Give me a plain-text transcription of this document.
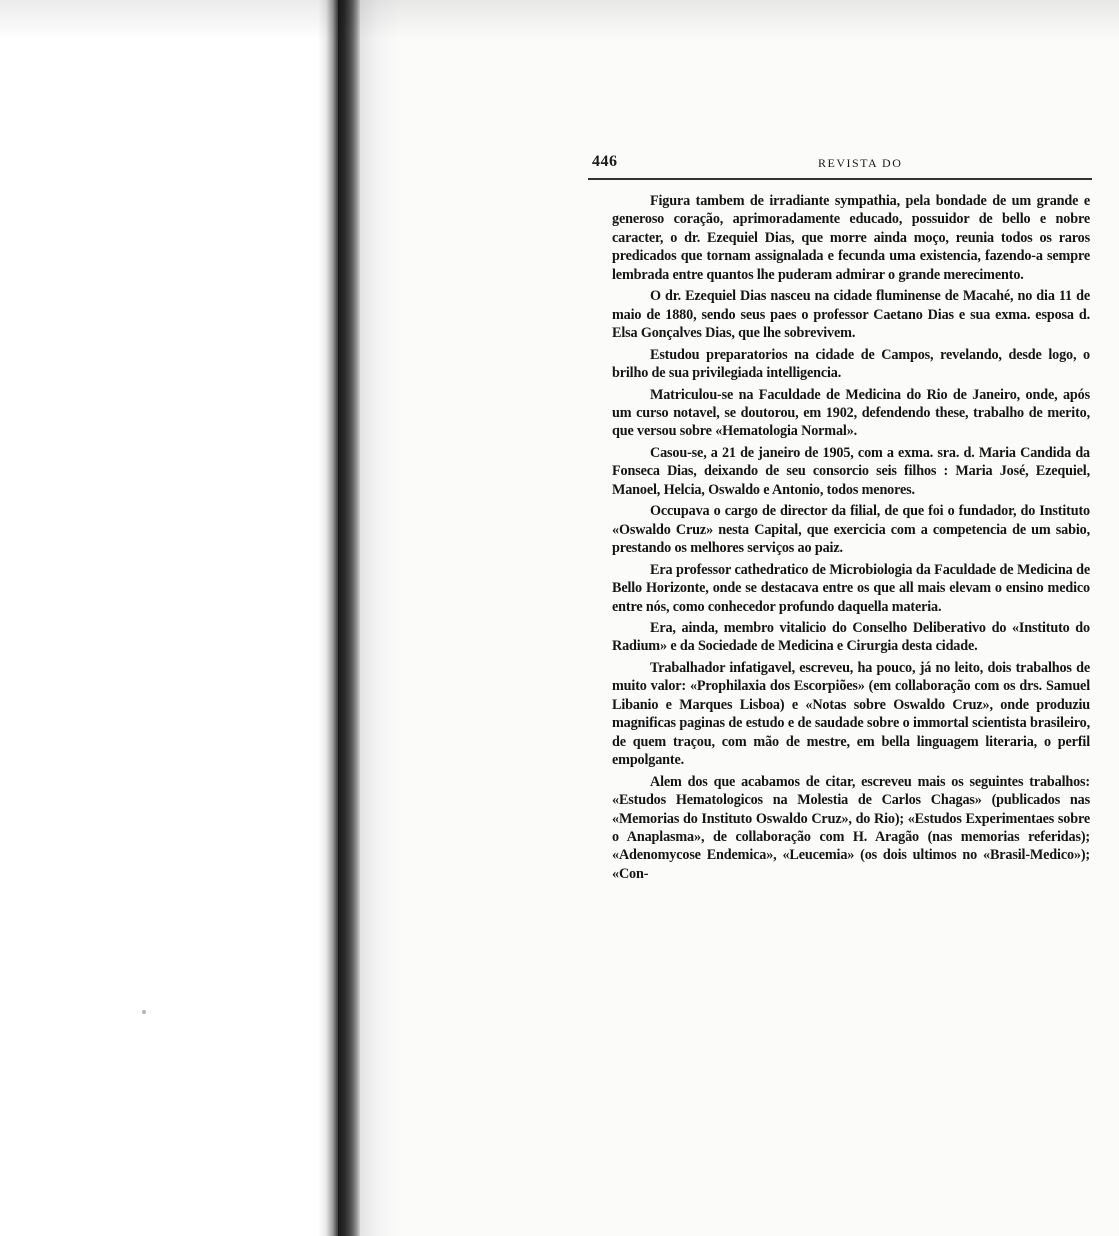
446	REVISTA DO

Figura tambem de irradiante sympathia, pela bondade de um grande e generoso coração, aprimoradamente educado, possuidor de bello e nobre caracter, o dr. Ezequiel Dias, que morre ainda moço, reunia todos os raros predicados que tornam assignalada e fecunda uma existencia, fazendo-a sempre lembrada entre quantos lhe puderam admirar o grande merecimento.

O dr. Ezequiel Dias nasceu na cidade fluminense de Macahé, no dia 11 de maio de 1880, sendo seus paes o professor Caetano Dias e sua exma. esposa d. Elsa Gonçalves Dias, que lhe sobrevivem.

Estudou preparatorios na cidade de Campos, revelando, desde logo, o brilho de sua privilegiada intelligencia.

Matriculou-se na Faculdade de Medicina do Rio de Janeiro, onde, após um curso notavel, se doutorou, em 1902, defendendo these, trabalho de merito, que versou sobre «Hematologia Normal».

Casou-se, a 21 de janeiro de 1905, com a exma. sra. d. Maria Candida da Fonseca Dias, deixando de seu consorcio seis filhos : Maria José, Ezequiel, Manoel, Helcia, Oswaldo e Antonio, todos menores.

Occupava o cargo de director da filial, de que foi o fundador, do Instituto «Oswaldo Cruz» nesta Capital, que exercicia com a competencia de um sabio, prestando os melhores serviços ao paiz.

Era professor cathedratico de Microbiologia da Faculdade de Medicina de Bello Horizonte, onde se destacava entre os que all mais elevam o ensino medico entre nós, como conhecedor profundo daquella materia.

Era, ainda, membro vitalicio do Conselho Deliberativo do «Instituto do Radium» e da Sociedade de Medicina e Cirurgia desta cidade.

Trabalhador infatigavel, escreveu, ha pouco, já no leito, dois trabalhos de muito valor: «Prophilaxia dos Escorpiões» (em collaboração com os drs. Samuel Libanio e Marques Lisboa) e «Notas sobre Oswaldo Cruz», onde produziu magnificas paginas de estudo e de saudade sobre o immortal scientista brasileiro, de quem traçou, com mão de mestre, em bella linguagem literaria, o perfil empolgante.

Alem dos que acabamos de citar, escreveu mais os seguintes trabalhos: «Estudos Hematologicos na Molestia de Carlos Chagas» (publicados nas «Memorias do Instituto Oswaldo Cruz», do Rio); «Estudos Experimentaes sobre o Anaplasma», de collaboração com H. Aragão (nas memorias referidas); «Adenomycose Endemica», «Leucemia» (os dois ultimos no «Brasil-Medico»); «Con-
